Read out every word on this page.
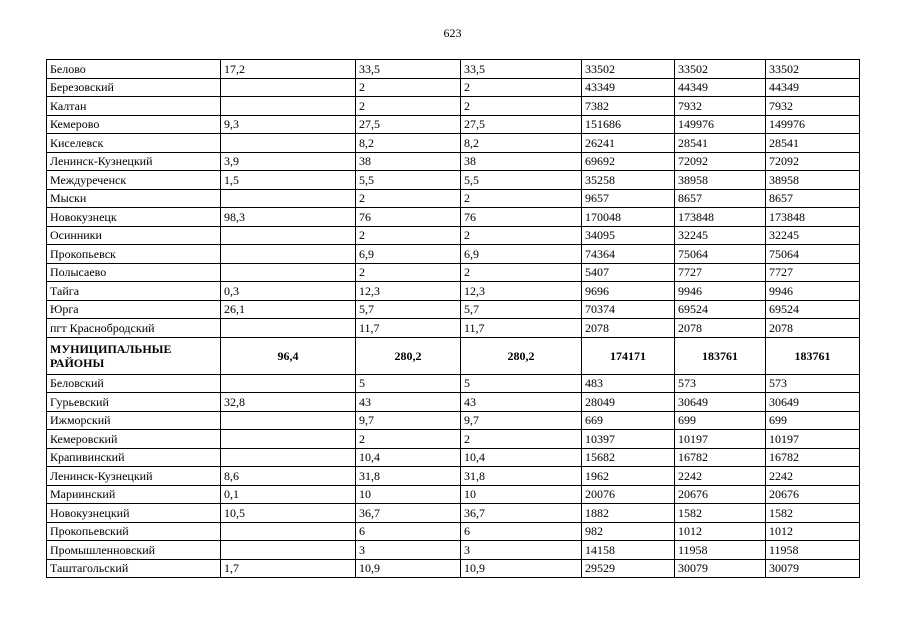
623
Белово	17,2	33,5	33,5	33502	33502	33502
Березовский		2	2	43349	44349	44349
Калтан		2	2	7382	7932	7932
Кемерово	9,3	27,5	27,5	151686	149976	149976
Киселевск		8,2	8,2	26241	28541	28541
Ленинск-Кузнецкий	3,9	38	38	69692	72092	72092
Междуреченск	1,5	5,5	5,5	35258	38958	38958
Мыски		2	2	9657	8657	8657
Новокузнецк	98,3	76	76	170048	173848	173848
Осинники		2	2	34095	32245	32245
Прокопьевск		6,9	6,9	74364	75064	75064
Полысаево		2	2	5407	7727	7727
Тайга	0,3	12,3	12,3	9696	9946	9946
Юрга	26,1	5,7	5,7	70374	69524	69524
пгт Краснобродский		11,7	11,7	2078	2078	2078
МУНИЦИПАЛЬНЫЕ РАЙОНЫ	96,4	280,2	280,2	174171	183761	183761
Беловский		5	5	483	573	573
Гурьевский	32,8	43	43	28049	30649	30649
Ижморский		9,7	9,7	669	699	699
Кемеровский		2	2	10397	10197	10197
Крапивинский		10,4	10,4	15682	16782	16782
Ленинск-Кузнецкий	8,6	31,8	31,8	1962	2242	2242
Мариинский	0,1	10	10	20076	20676	20676
Новокузнецкий	10,5	36,7	36,7	1882	1582	1582
Прокопьевский		6	6	982	1012	1012
Промышленновский		3	3	14158	11958	11958
Таштагольский	1,7	10,9	10,9	29529	30079	30079
